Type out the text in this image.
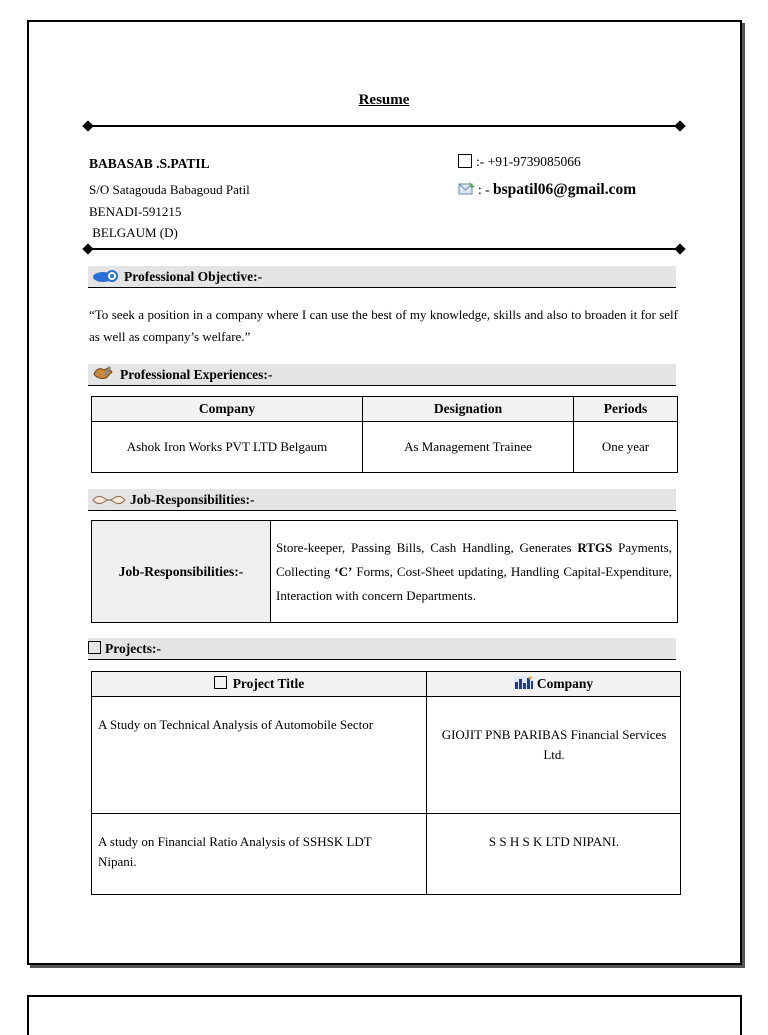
Resume
BABASAB .S.PATIL
S/O Satagouda Babagoud Patil
BENADI-591215
BELGAUM (D)
:- +91-9739085066
: - bspatil06@gmail.com
Professional Objective:-
“To seek a position in a company where I can use the best of my knowledge, skills and also to broaden it for self as well as company’s welfare.”
Professional Experiences:-
Company	Designation	Periods
Ashok Iron Works PVT LTD Belgaum	As Management Trainee	One year
Job-Responsibilities:-
Job-Responsibilities:-	Store-keeper, Passing Bills, Cash Handling, Generates RTGS Payments, Collecting ‘C’ Forms, Cost-Sheet updating, Handling Capital-Expenditure, Interaction with concern Departments.
Projects:-
Project Title	Company
A Study on Technical Analysis of Automobile Sector	GIOJIT PNB PARIBAS Financial Services Ltd.
A study on Financial Ratio Analysis of SSHSK LDT Nipani.	S S H S K LTD NIPANI.
